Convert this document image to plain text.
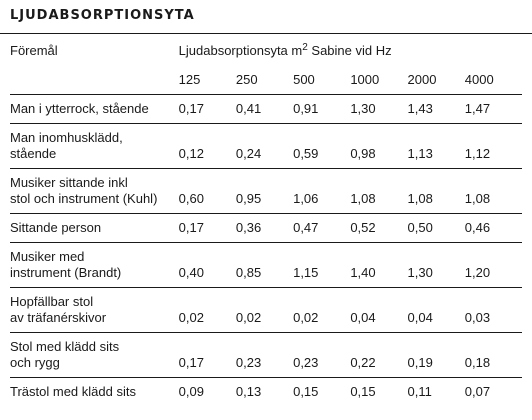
LJUDABSORPTIONSYTA
Föremål	Ljudabsorptionsyta $m^2$ Sabine vid Hz					
	125	250	500	1000	2000	4000
Man i ytterrock, stående	0,17	0,41	0,91	1,30	1,43	1,47
Man inomhusklädd,
stående	0,12	0,24	0,59	0,98	1,13	1,12
Musiker sittande inkl
stol och instrument (Kuhl)	0,60	0,95	1,06	1,08	1,08	1,08
Sittande person	0,17	0,36	0,47	0,52	0,50	0,46
Musiker med
instrument (Brandt)	0,40	0,85	1,15	1,40	1,30	1,20
Hopfällbar stol
av träfanérskivor	0,02	0,02	0,02	0,04	0,04	0,03
Stol med klädd sits
och rygg	0,17	0,23	0,23	0,22	0,19	0,18
Trästol med klädd sits	0,09	0,13	0,15	0,15	0,11	0,07
